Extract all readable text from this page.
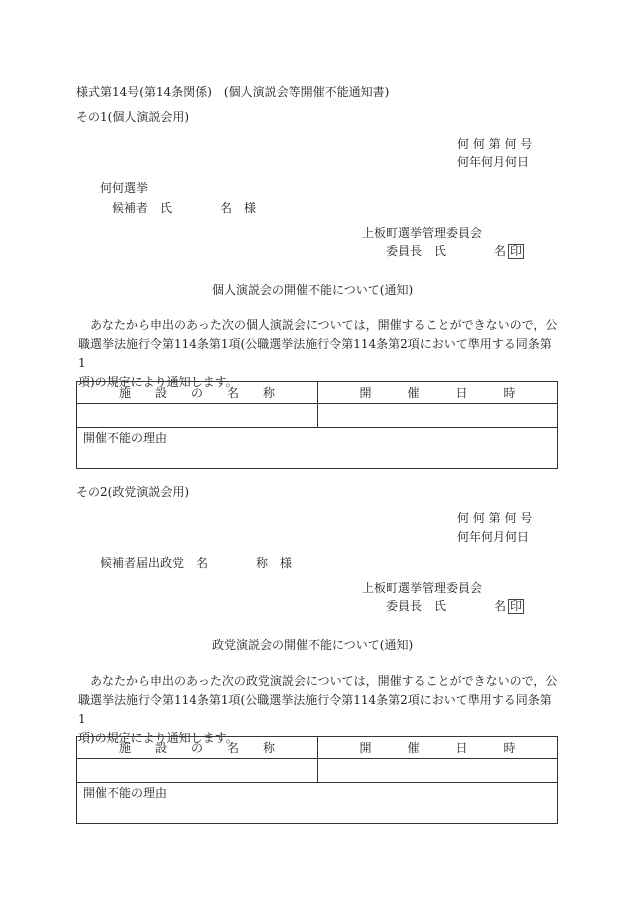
様式第14号(第14条関係)　(個人演説会等開催不能通知書)
その1(個人演説会用)
何 何 第 何 号
何年何月何日
何何選挙
候補者　氏　　　　名　様
上板町選挙管理委員会
委員長　氏　　　　名 印
個人演説会の開催不能について(通知)
あなたから申出のあった次の個人演説会については，開催することができないので，公
職選挙法施行令第114条第1項(公職選挙法施行令第114条第2項において準用する同条第1
項)の規定により通知します。
施　　設　　の　　名　　称	開　　　催　　　日　　　時

開催不能の理由	
その2(政党演説会用)
何 何 第 何 号
何年何月何日
候補者届出政党　名　　　　称　様
上板町選挙管理委員会
委員長　氏　　　　名 印
政党演説会の開催不能について(通知)
あなたから申出のあった次の政党演説会については，開催することができないので，公
職選挙法施行令第114条第1項(公職選挙法施行令第114条第2項において準用する同条第1
項)の規定により通知します。
施　　設　　の　　名　　称	開　　　催　　　日　　　時

開催不能の理由	
